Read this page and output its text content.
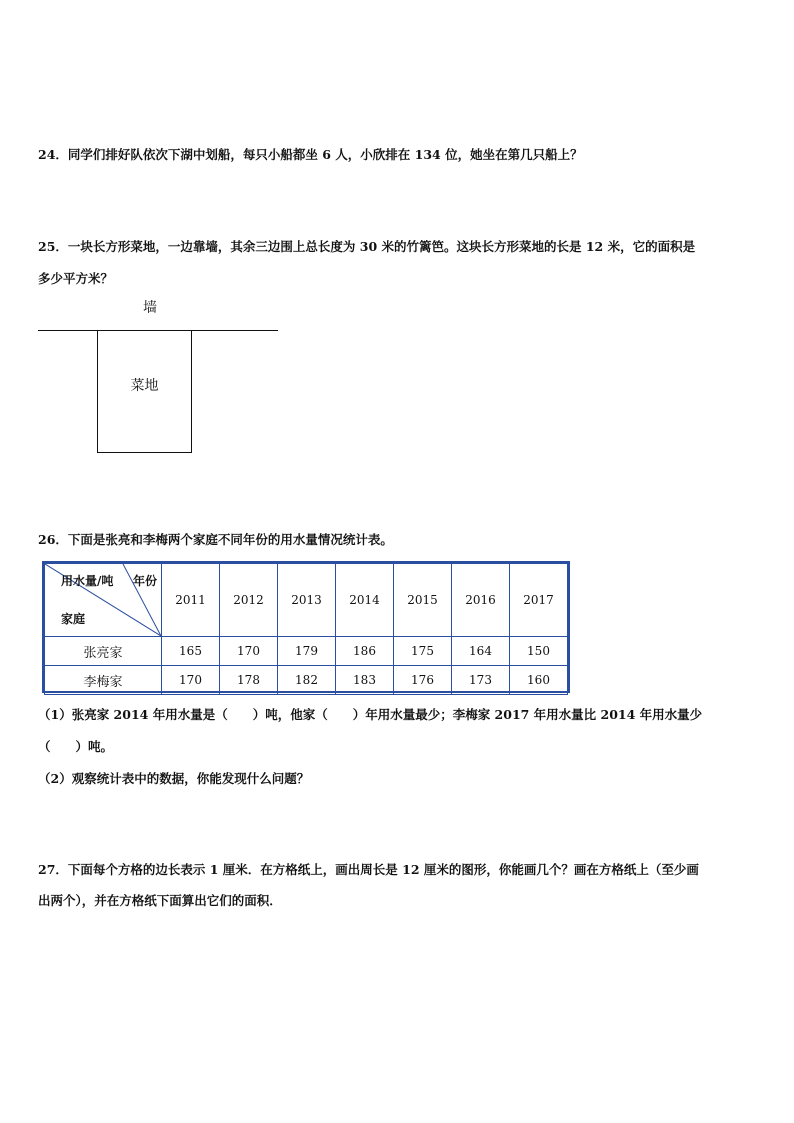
24．同学们排好队依次下湖中划船，每只小船都坐 6 人，小欣排在 134 位，她坐在第几只船上？

25．一块长方形菜地，一边靠墙，其余三边围上总长度为 30 米的竹篱笆。这块长方形菜地的长是 12 米，它的面积是

多少平方米？

墙
菜地

26．下面是张亮和李梅两个家庭不同年份的用水量情况统计表。

用水量/吨 年份
家庭	2011	2012	2013	2014	2015	2016	2017
张亮家	165	170	179	186	175	164	150
李梅家	170	178	182	183	176	173	160

（1）张亮家 2014 年用水量是（　　）吨，他家（　　）年用水量最少；李梅家 2017 年用水量比 2014 年用水量少

（　　）吨。

（2）观察统计表中的数据，你能发现什么问题？

27．下面每个方格的边长表示 1 厘米．在方格纸上，画出周长是 12 厘米的图形，你能画几个？画在方格纸上（至少画

出两个），并在方格纸下面算出它们的面积．
